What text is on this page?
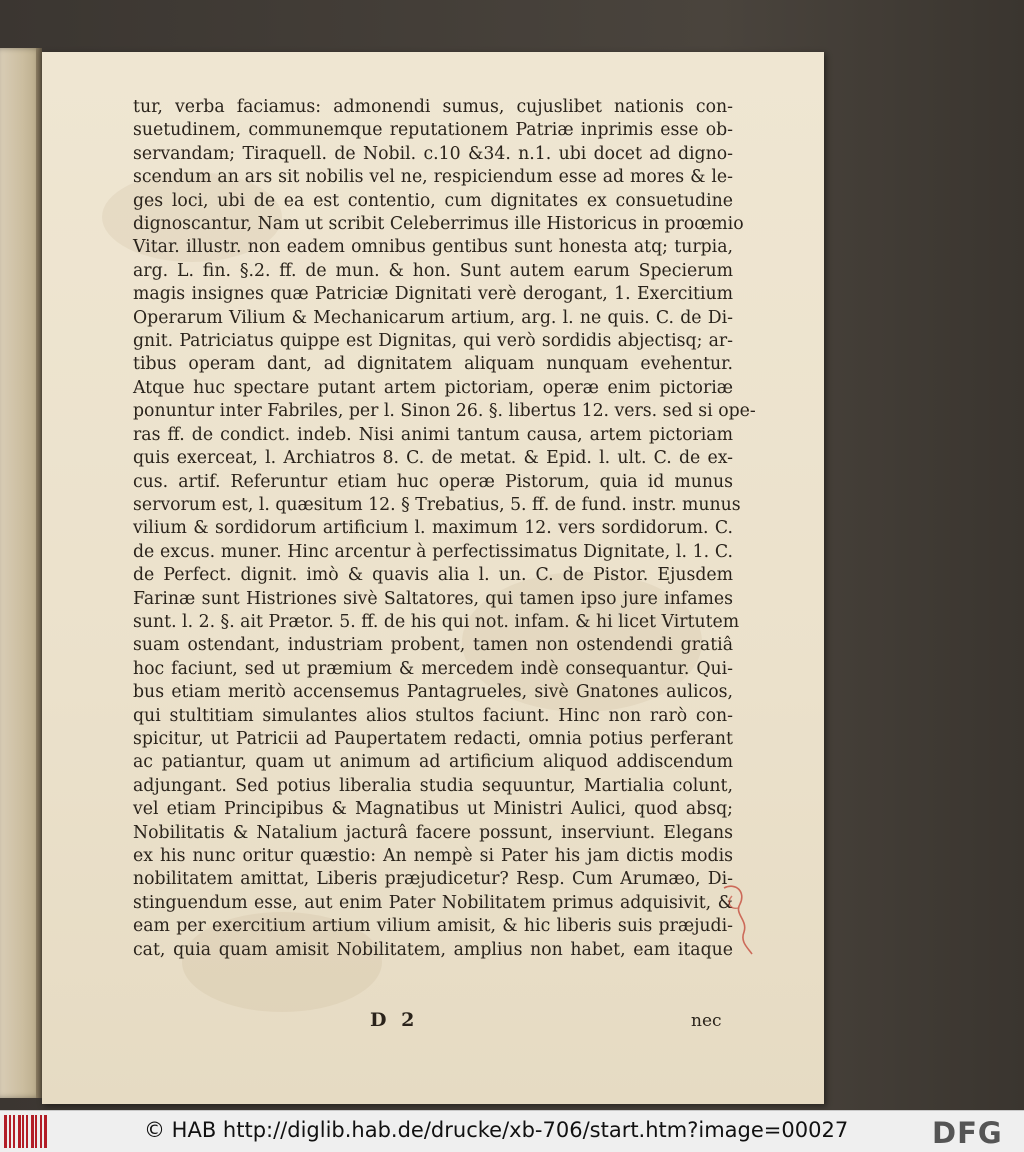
tur, verba faciamus: admonendi sumus, cujuslibet nationis con-
suetudinem, communemque reputationem Patriæ inprimis esse ob-
servandam; Tiraquell. de Nobil. c.10 &34. n.1. ubi docet ad digno-
scendum an ars sit nobilis vel ne, respiciendum esse ad mores & le-
ges loci, ubi de ea est contentio, cum dignitates ex consuetudine
dignoscantur, Nam ut scribit Celeberrimus ille Historicus in proœmio
Vitar. illustr. non eadem omnibus gentibus sunt honesta atq; turpia,
arg. L. fin. §.2. ff. de mun. & hon. Sunt autem earum Specierum
magis insignes quæ Patriciæ Dignitati verè derogant, 1. Exercitium
Operarum Vilium & Mechanicarum artium, arg. l. ne quis. C. de Di-
gnit. Patriciatus quippe est Dignitas, qui verò sordidis abjectisq; ar-
tibus operam dant, ad dignitatem aliquam nunquam evehentur.
Atque huc spectare putant artem pictoriam, operæ enim pictoriæ
ponuntur inter Fabriles, per l. Sinon 26. §. libertus 12. vers. sed si ope-
ras ff. de condict. indeb. Nisi animi tantum causa, artem pictoriam
quis exerceat, l. Archiatros 8. C. de metat. & Epid. l. ult. C. de ex-
cus. artif. Referuntur etiam huc operæ Pistorum, quia id munus
servorum est, l. quæsitum 12. § Trebatius, 5. ff. de fund. instr. munus
vilium & sordidorum artificium l. maximum 12. vers sordidorum. C.
de excus. muner. Hinc arcentur à perfectissimatus Dignitate, l. 1. C.
de Perfect. dignit. imò & quavis alia l. un. C. de Pistor. Ejusdem
Farinæ sunt Histriones sivè Saltatores, qui tamen ipso jure infames
sunt. l. 2. §. ait Prætor. 5. ff. de his qui not. infam. & hi licet Virtutem
suam ostendant, industriam probent, tamen non ostendendi gratiâ
hoc faciunt, sed ut præmium & mercedem indè consequantur. Qui-
bus etiam meritò accensemus Pantagrueles, sivè Gnatones aulicos,
qui stultitiam simulantes alios stultos faciunt. Hinc non rarò con-
spicitur, ut Patricii ad Paupertatem redacti, omnia potius perferant
ac patiantur, quam ut animum ad artificium aliquod addiscendum
adjungant. Sed potius liberalia studia sequuntur, Martialia colunt,
vel etiam Principibus & Magnatibus ut Ministri Aulici, quod absq;
Nobilitatis & Natalium jacturâ facere possunt, inserviunt. Elegans
ex his nunc oritur quæstio: An nempè si Pater his jam dictis modis
nobilitatem amittat, Liberis præjudicetur? Resp. Cum Arumæo, Di-
stinguendum esse, aut enim Pater Nobilitatem primus adquisivit, &
eam per exercitium artium vilium amisit, & hic liberis suis præjudi-
cat, quia quam amisit Nobilitatem, amplius non habet, eam itaque
D 2	nec
© HAB http://diglib.hab.de/drucke/xb-706/start.htm?image=00027	DFG
